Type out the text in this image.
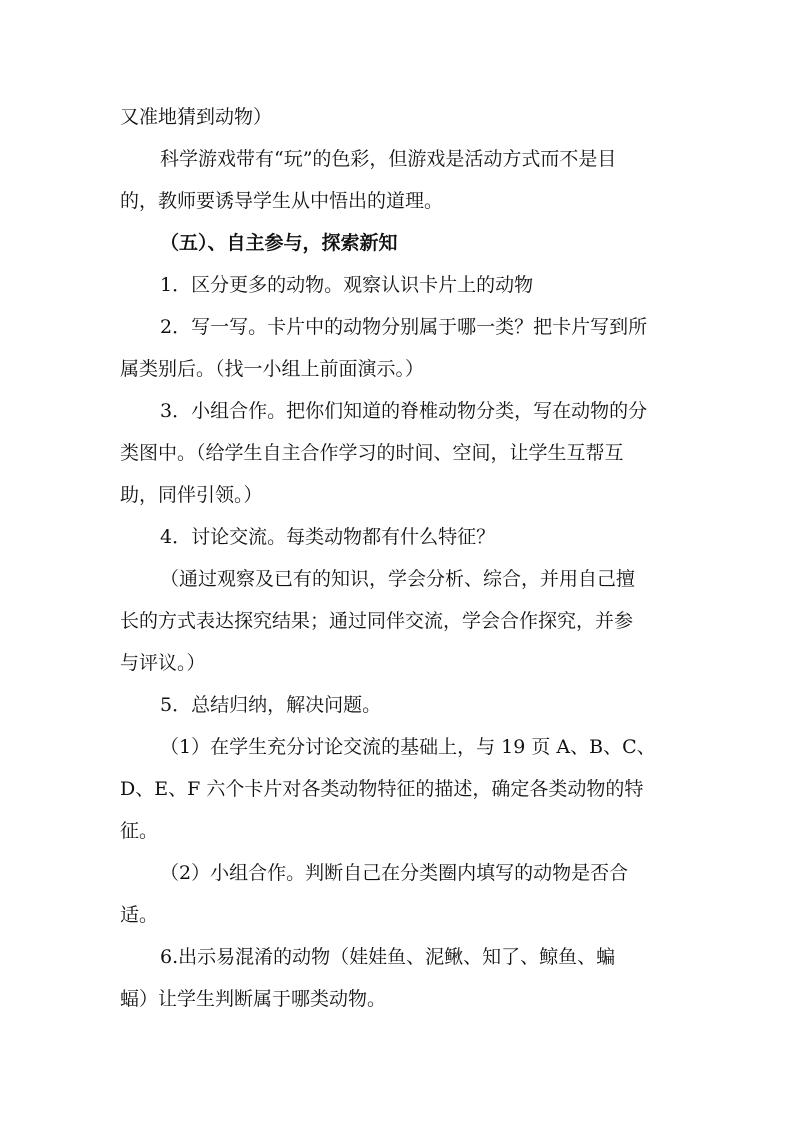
又准地猜到动物）
科学游戏带有“玩”的色彩，但游戏是活动方式而不是目
的，教师要诱导学生从中悟出的道理。
（五）、自主参与，探索新知
1．区分更多的动物。观察认识卡片上的动物
2．写一写。卡片中的动物分别属于哪一类？把卡片写到所
属类别后。（找一小组上前面演示。）
3．小组合作。把你们知道的脊椎动物分类，写在动物的分
类图中。（给学生自主合作学习的时间、空间，让学生互帮互
助，同伴引领。）
4．讨论交流。每类动物都有什么特征？
（通过观察及已有的知识，学会分析、综合，并用自己擅
长的方式表达探究结果；通过同伴交流，学会合作探究，并参
与评议。）
5．总结归纳，解决问题。
（1）在学生充分讨论交流的基础上，与 19 页 A、B、C、
D、E、F 六个卡片对各类动物特征的描述，确定各类动物的特
征。
（2）小组合作。判断自己在分类圈内填写的动物是否合
适。
6.出示易混淆的动物（娃娃鱼、泥鳅、知了、鲸鱼、蝙
蝠）让学生判断属于哪类动物。
